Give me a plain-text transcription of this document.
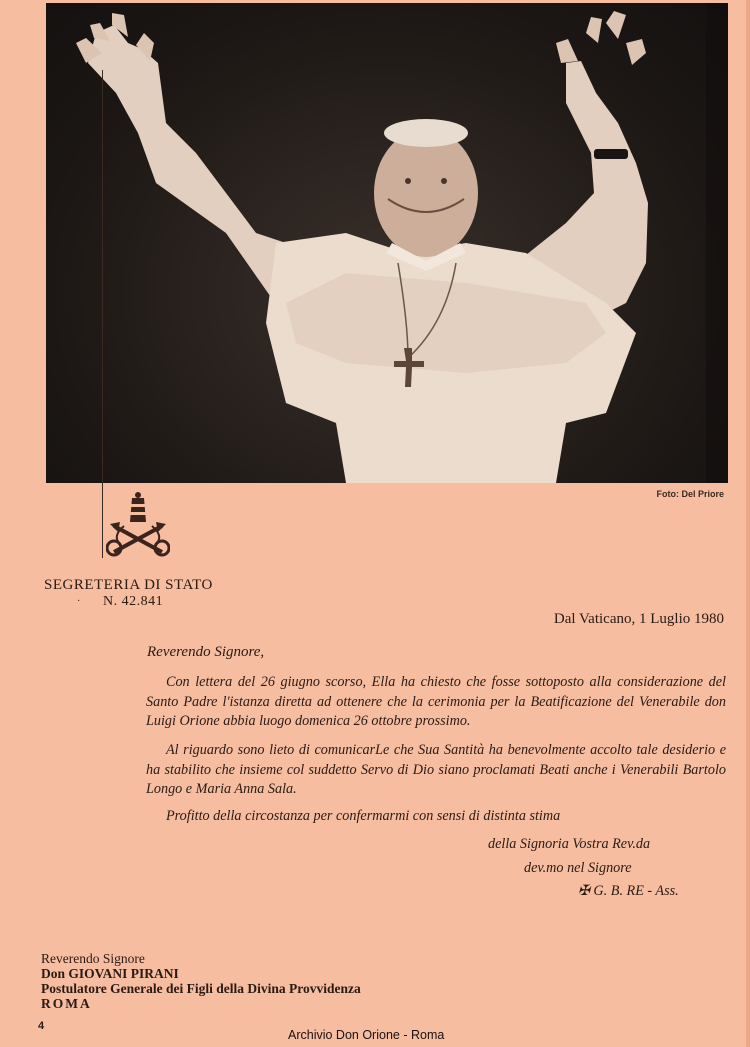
Foto: Del Priore
SEGRETERIA DI STATO
· N. 42.841
Dal Vaticano, 1 Luglio 1980
Reverendo Signore,
Con lettera del 26 giugno scorso, Ella ha chiesto che fosse sottoposto alla considerazione del Santo Padre l'istanza diretta ad ottenere che la cerimonia per la Beatificazione del Venerabile don Luigi Orione abbia luogo domenica 26 ottobre prossimo.
Al riguardo sono lieto di comunicarLe che Sua Santità ha benevolmente accolto tale desiderio e ha stabilito che insieme col suddetto Servo di Dio siano proclamati Beati anche i Venerabili Bartolo Longo e Maria Anna Sala.
Profitto della circostanza per confermarmi con sensi di distinta stima
della Signoria Vostra Rev.da
dev.mo nel Signore
✠ G. B. RE - Ass.
Reverendo Signore
Don GIOVANI PIRANI
Postulatore Generale dei Figli della Divina Provvidenza
ROMA
4
Archivio Don Orione - Roma
